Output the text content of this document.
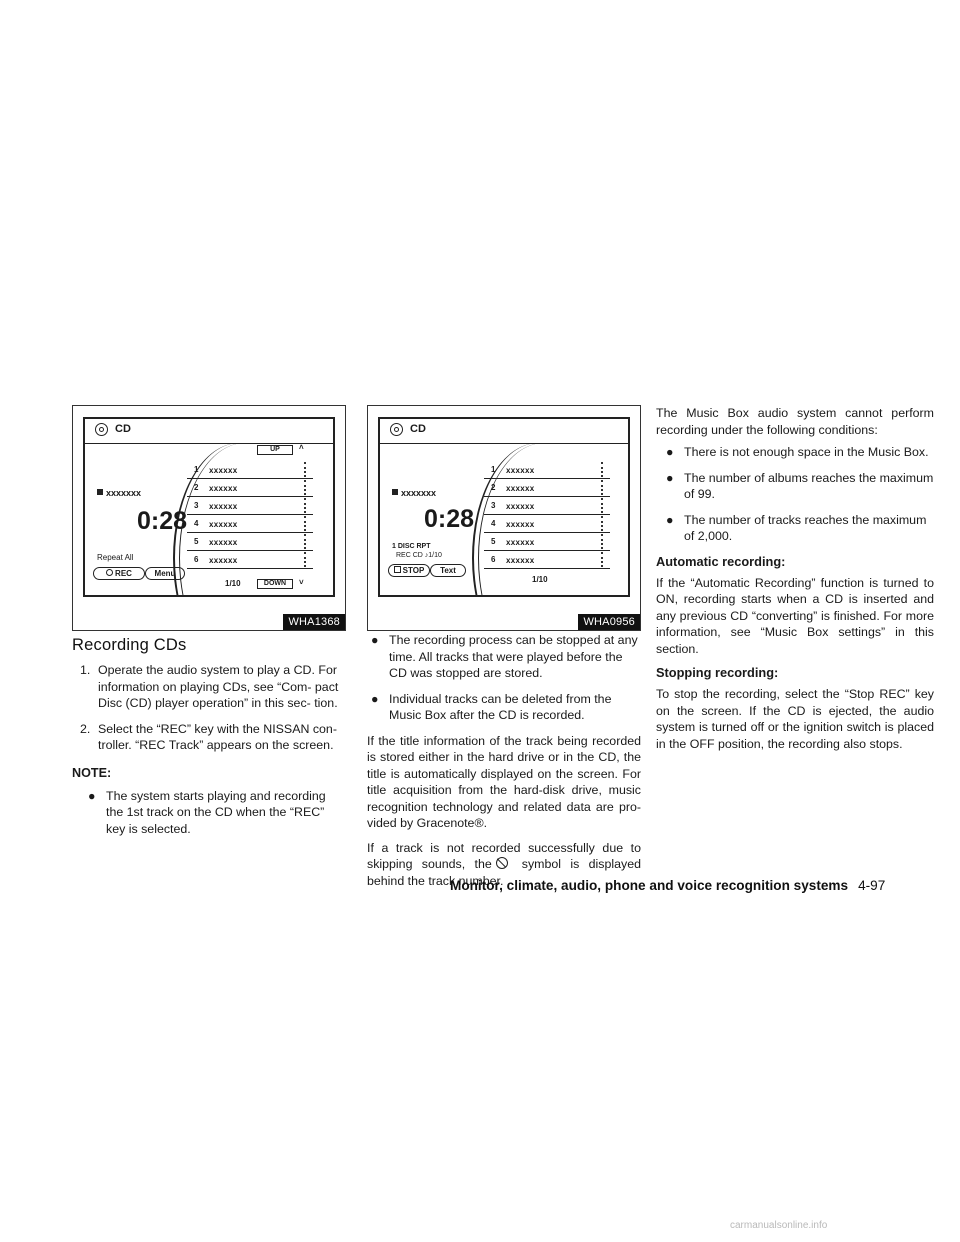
CD
xxxxxxx
0:28
Repeat All
UP	˄
1 xxxxxx
2 xxxxxx
3 xxxxxx
4 xxxxxx
5 xxxxxx
6 xxxxxx
REC	Menu
1/10	DOWN	˅
WHA1368
Recording CDs
1. Operate the audio system to play a CD. For information on playing CDs, see “Com- pact Disc (CD) player operation” in this sec- tion.
2. Select the “REC” key with the NISSAN con- troller. “REC Track” appears on the screen.
NOTE:
● The system starts playing and recording the 1st track on the CD when the “REC” key is selected.
CD
xxxxxxx
0:28
1 DISC RPT
REC CD ♪1/10
1 xxxxxx
2 xxxxxx
3 xxxxxx
4 xxxxxx
5 xxxxxx
6 xxxxxx
STOP	Text
1/10
WHA0956
● The recording process can be stopped at any time. All tracks that were played before the CD was stopped are stored.
● Individual tracks can be deleted from the Music Box after the CD is recorded.

If the title information of the track being recorded is stored either in the hard drive or in the CD, the title is automatically displayed on the screen. For title acquisition from the hard-disk drive, music recognition technology and related data are pro- vided by Gracenote®.

If a track is not recorded successfully due to skipping sounds, the symbol is displayed behind the track number.

The Music Box audio system cannot perform recording under the following conditions:

● There is not enough space in the Music Box.
● The number of albums reaches the maximum of 99.
● The number of tracks reaches the maximum of 2,000.
Automatic recording:

If the “Automatic Recording” function is turned to ON, recording starts when a CD is inserted and any previous CD “converting” is finished. For more information, see “Music Box settings” in this section.

Stopping recording:

To stop the recording, select the “Stop REC” key on the screen. If the CD is ejected, the audio system is turned off or the ignition switch is placed in the OFF position, the recording also stops.

Monitor, climate, audio, phone and voice recognition systems 4-97
carmanualsonline.info
